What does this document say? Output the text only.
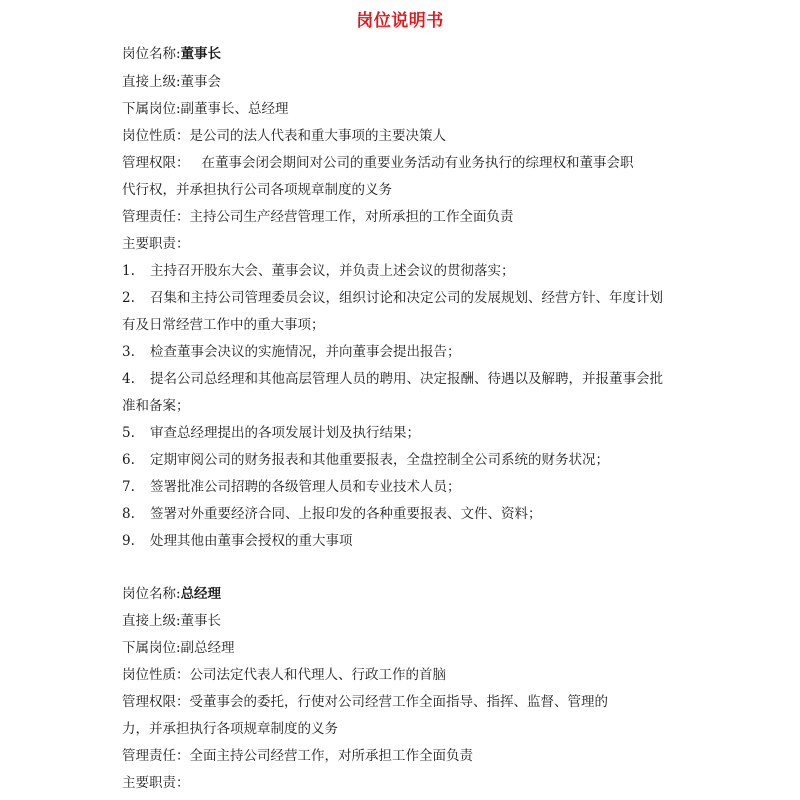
岗位说明书
岗位名称:董事长
直接上级:董事会
下属岗位:副董事长、总经理
岗位性质：是公司的法人代表和重大事项的主要决策人
管理权限： 在董事会闭会期间对公司的重要业务活动有业务执行的综理权和董事会职
代行权，并承担执行公司各项规章制度的义务
管理责任：主持公司生产经营管理工作，对所承担的工作全面负责
主要职责：
1. 主持召开股东大会、董事会议，并负责上述会议的贯彻落实；
2. 召集和主持公司管理委员会议，组织讨论和决定公司的发展规划、经营方针、年度计划
有及日常经营工作中的重大事项；
3. 检查董事会决议的实施情况，并向董事会提出报告；
4. 提名公司总经理和其他高层管理人员的聘用、决定报酬、待遇以及解聘，并报董事会批
准和备案；
5. 审查总经理提出的各项发展计划及执行结果；
6. 定期审阅公司的财务报表和其他重要报表，全盘控制全公司系统的财务状况；
7. 签署批准公司招聘的各级管理人员和专业技术人员；
8. 签署对外重要经济合同、上报印发的各种重要报表、文件、资料；
9. 处理其他由董事会授权的重大事项
岗位名称:总经理
直接上级:董事长
下属岗位:副总经理
岗位性质：公司法定代表人和代理人、行政工作的首脑
管理权限：受董事会的委托，行使对公司经营工作全面指导、指挥、监督、管理的
力，并承担执行各项规章制度的义务
管理责任：全面主持公司经营工作，对所承担工作全面负责
主要职责：
